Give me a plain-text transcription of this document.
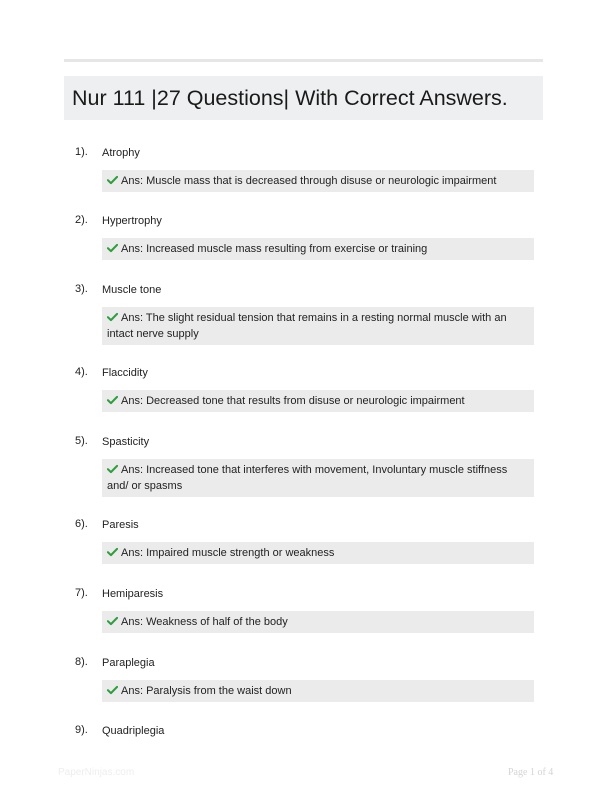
Nur 111 |27 Questions| With Correct Answers.
1). Atrophy
Ans: Muscle mass that is decreased through disuse or neurologic impairment
2). Hypertrophy
Ans: Increased muscle mass resulting from exercise or training
3). Muscle tone
Ans: The slight residual tension that remains in a resting normal muscle with an intact nerve supply
4). Flaccidity
Ans: Decreased tone that results from disuse or neurologic impairment
5). Spasticity
Ans: Increased tone that interferes with movement, Involuntary muscle stiffness and/ or spasms
6). Paresis
Ans: Impaired muscle strength or weakness
7). Hemiparesis
Ans: Weakness of half of the body
8). Paraplegia
Ans: Paralysis from the waist down
9). Quadriplegia
PaperNinjas.com	Page 1 of 4
